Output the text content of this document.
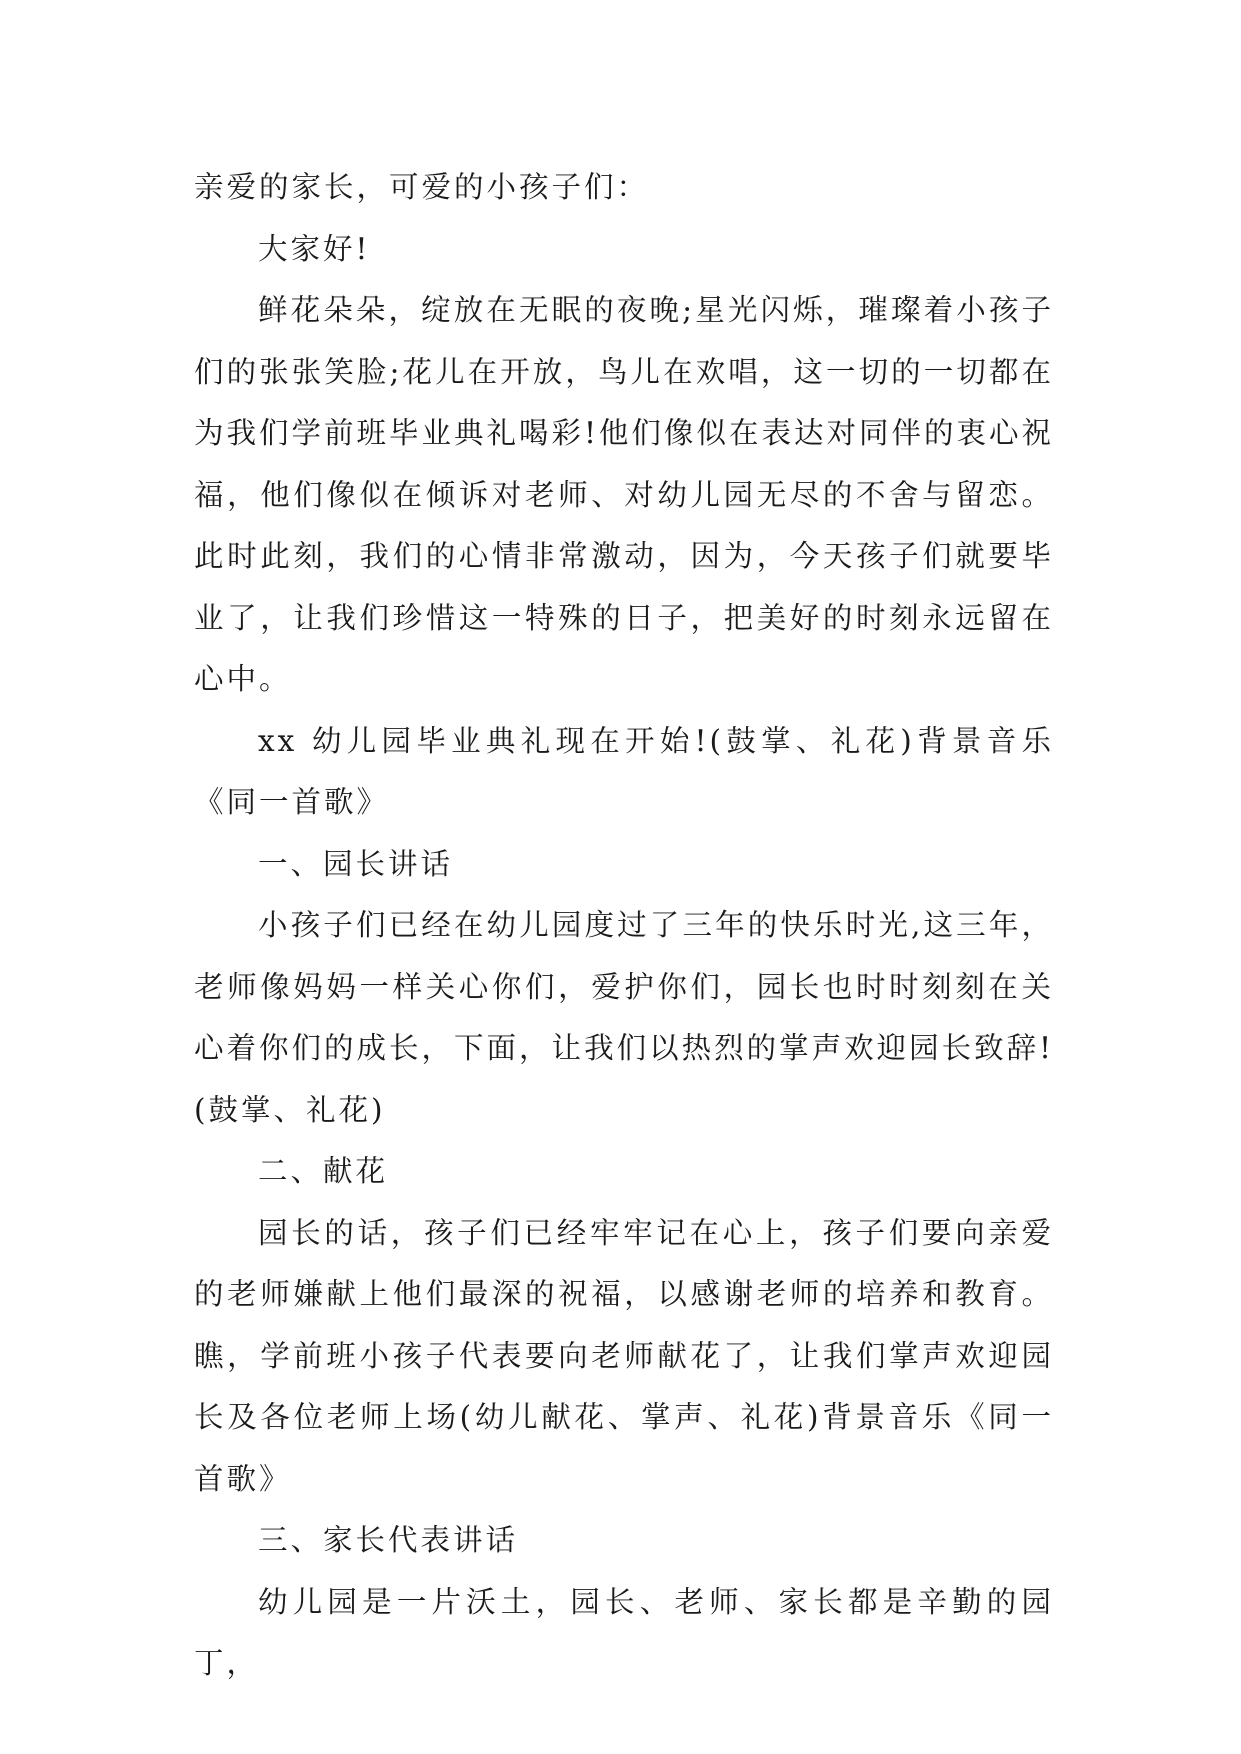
亲爱的家长，可爱的小孩子们：

大家好!

鲜花朵朵，绽放在无眠的夜晚;星光闪烁，璀璨着小孩子们的张张笑脸;花儿在开放，鸟儿在欢唱，这一切的一切都在为我们学前班毕业典礼喝彩!他们像似在表达对同伴的衷心祝福，他们像似在倾诉对老师、对幼儿园无尽的不舍与留恋。此时此刻，我们的心情非常激动，因为，今天孩子们就要毕业了，让我们珍惜这一特殊的日子，把美好的时刻永远留在心中。

xx 幼儿园毕业典礼现在开始!(鼓掌、礼花)背景音乐《同一首歌》

一、园长讲话

小孩子们已经在幼儿园度过了三年的快乐时光,这三年，老师像妈妈一样关心你们，爱护你们，园长也时时刻刻在关心着你们的成长，下面，让我们以热烈的掌声欢迎园长致辞!(鼓掌、礼花)

二、献花

园长的话，孩子们已经牢牢记在心上，孩子们要向亲爱的老师嫌献上他们最深的祝福，以感谢老师的培养和教育。瞧，学前班小孩子代表要向老师献花了，让我们掌声欢迎园长及各位老师上场(幼儿献花、掌声、礼花)背景音乐《同一首歌》

三、家长代表讲话

幼儿园是一片沃土，园长、老师、家长都是辛勤的园丁，
